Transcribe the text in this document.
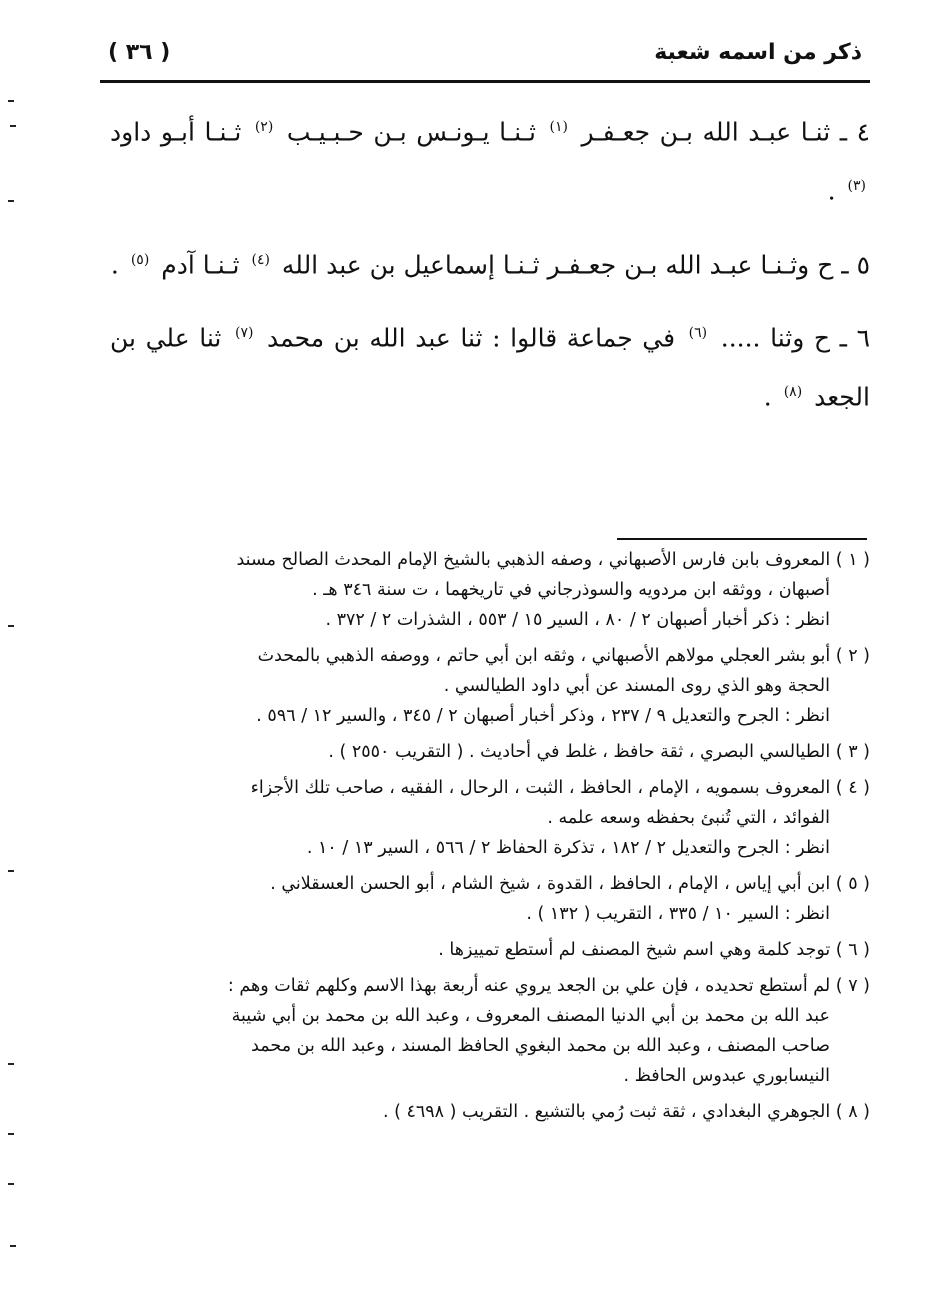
( ٣٦ )	ذكر من اسمه شعبة

٤ ـ ثنـا عبـد الله بـن جعـفـر $^{(١)}$ ثـنـا يـونـس بـن حـبـيـب $^{(٢)}$ ثـنـا أبـو داود $^{(٣)}$ .

٥ ـ ح وثـنـا عبـد الله بـن جعـفـر ثـنـا إسماعيل بن عبد الله $^{(٤)}$ ثـنـا آدم $^{(٥)}$ .

٦ ـ ح وثنا ..... $^{(٦)}$ في جماعة قالوا : ثنا عبد الله بن محمد $^{(٧)}$ ثنا علي بن الجعد $^{(٨)}$ .

( ١ ) المعروف بابن فارس الأصبهاني ، وصفه الذهبي بالشيخ الإمام المحدث الصالح مسند
أصبهان ، ووثقه ابن مردويه والسوذرجاني في تاريخهما ، ت سنة ٣٤٦ هـ .
انظر : ذكر أخبار أصبهان ٢ / ٨٠ ، السير ١٥ / ٥٥٣ ، الشذرات ٢ / ٣٧٢ .
( ٢ ) أبو بشر العجلي مولاهم الأصبهاني ، وثقه ابن أبي حاتم ، ووصفه الذهبي بالمحدث
الحجة وهو الذي روى المسند عن أبي داود الطيالسي .
انظر : الجرح والتعديل ٩ / ٢٣٧ ، وذكر أخبار أصبهان ٢ / ٣٤٥ ، والسير ١٢ / ٥٩٦ .
( ٣ ) الطيالسي البصري ، ثقة حافظ ، غلط في أحاديث . ( التقريب ٢٥٥٠ ) .
( ٤ ) المعروف بسمويه ، الإمام ، الحافظ ، الثبت ، الرحال ، الفقيه ، صاحب تلك الأجزاء
الفوائد ، التي تُنبئ بحفظه وسعه علمه .
انظر : الجرح والتعديل ٢ / ١٨٢ ، تذكرة الحفاظ ٢ / ٥٦٦ ، السير ١٣ / ١٠ .
( ٥ ) ابن أبي إياس ، الإمام ، الحافظ ، القدوة ، شيخ الشام ، أبو الحسن العسقلاني .
انظر : السير ١٠ / ٣٣٥ ، التقريب ( ١٣٢ ) .
( ٦ ) توجد كلمة وهي اسم شيخ المصنف لم أستطع تمييزها .
( ٧ ) لم أستطع تحديده ، فإن علي بن الجعد يروي عنه أربعة بهذا الاسم وكلهم ثقات وهم :
عبد الله بن محمد بن أبي الدنيا المصنف المعروف ، وعبد الله بن محمد بن أبي شيبة
صاحب المصنف ، وعبد الله بن محمد البغوي الحافظ المسند ، وعبد الله بن محمد
النيسابوري عبدوس الحافظ .
( ٨ ) الجوهري البغدادي ، ثقة ثبت رُمي بالتشيع . التقريب ( ٤٦٩٨ ) .
